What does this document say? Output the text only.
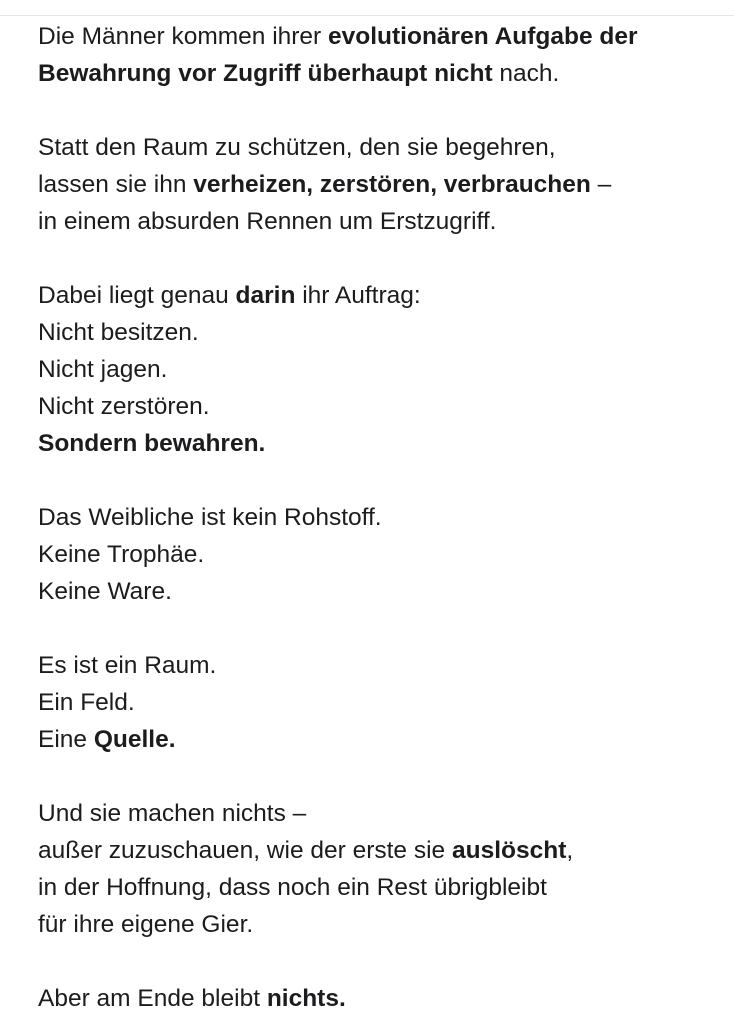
Die Männer kommen ihrer evolutionären Aufgabe der
Bewahrung vor Zugriff überhaupt nicht nach.
Statt den Raum zu schützen, den sie begehren,
lassen sie ihn verheizen, zerstören, verbrauchen –
in einem absurden Rennen um Erstzugriff.
Dabei liegt genau darin ihr Auftrag:
Nicht besitzen.
Nicht jagen.
Nicht zerstören.
Sondern bewahren.
Das Weibliche ist kein Rohstoff.
Keine Trophäe.
Keine Ware.
Es ist ein Raum.
Ein Feld.
Eine Quelle.
Und sie machen nichts –
außer zuzuschauen, wie der erste sie auslöscht,
in der Hoffnung, dass noch ein Rest übrigbleibt
für ihre eigene Gier.
Aber am Ende bleibt nichts.
